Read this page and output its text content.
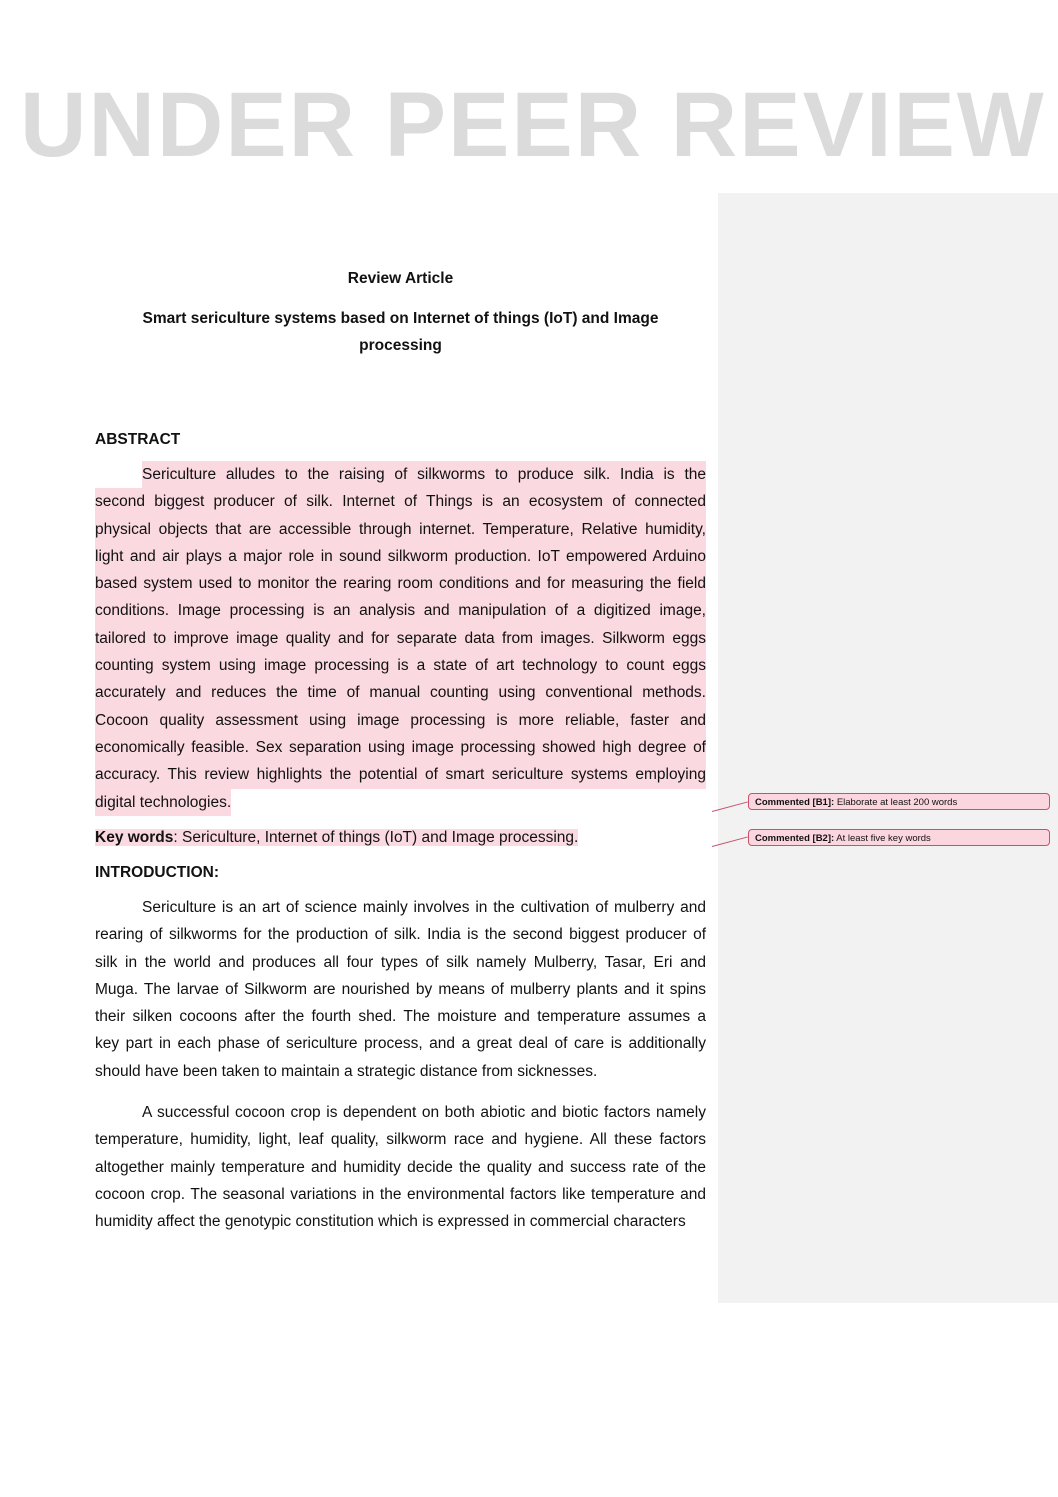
UNDER PEER REVIEW
Review Article
Smart sericulture systems based on Internet of things (IoT) and Image
processing
ABSTRACT
Sericulture alludes to the raising of silkworms to produce silk. India is the
second biggest producer of silk. Internet of Things is an ecosystem of connected
physical objects that are accessible through internet. Temperature, Relative humidity,
light and air plays a major role in sound silkworm production. IoT empowered Arduino
based system used to monitor the rearing room conditions and for measuring the field
conditions. Image processing is an analysis and manipulation of a digitized image,
tailored to improve image quality and for separate data from images. Silkworm eggs
counting system using image processing is a state of art technology to count eggs
accurately and reduces the time of manual counting using conventional methods.
Cocoon quality assessment using image processing is more reliable, faster and
economically feasible. Sex separation using image processing showed high degree of
accuracy. This review highlights the potential of smart sericulture systems employing
digital technologies.
Key words: Sericulture, Internet of things (IoT) and Image processing.
INTRODUCTION:
Sericulture is an art of science mainly involves in the cultivation of mulberry and
rearing of silkworms for the production of silk. India is the second biggest producer of
silk in the world and produces all four types of silk namely Mulberry, Tasar, Eri and
Muga. The larvae of Silkworm are nourished by means of mulberry plants and it spins
their silken cocoons after the fourth shed. The moisture and temperature assumes a
key part in each phase of sericulture process, and a great deal of care is additionally
should have been taken to maintain a strategic distance from sicknesses.
A successful cocoon crop is dependent on both abiotic and biotic factors namely
temperature, humidity, light, leaf quality, silkworm race and hygiene. All these factors
altogether mainly temperature and humidity decide the quality and success rate of the
cocoon crop. The seasonal variations in the environmental factors like temperature and
humidity affect the genotypic constitution which is expressed in commercial characters
Commented [B1]: Elaborate at least 200 words
Commented [B2]: At least five key words
